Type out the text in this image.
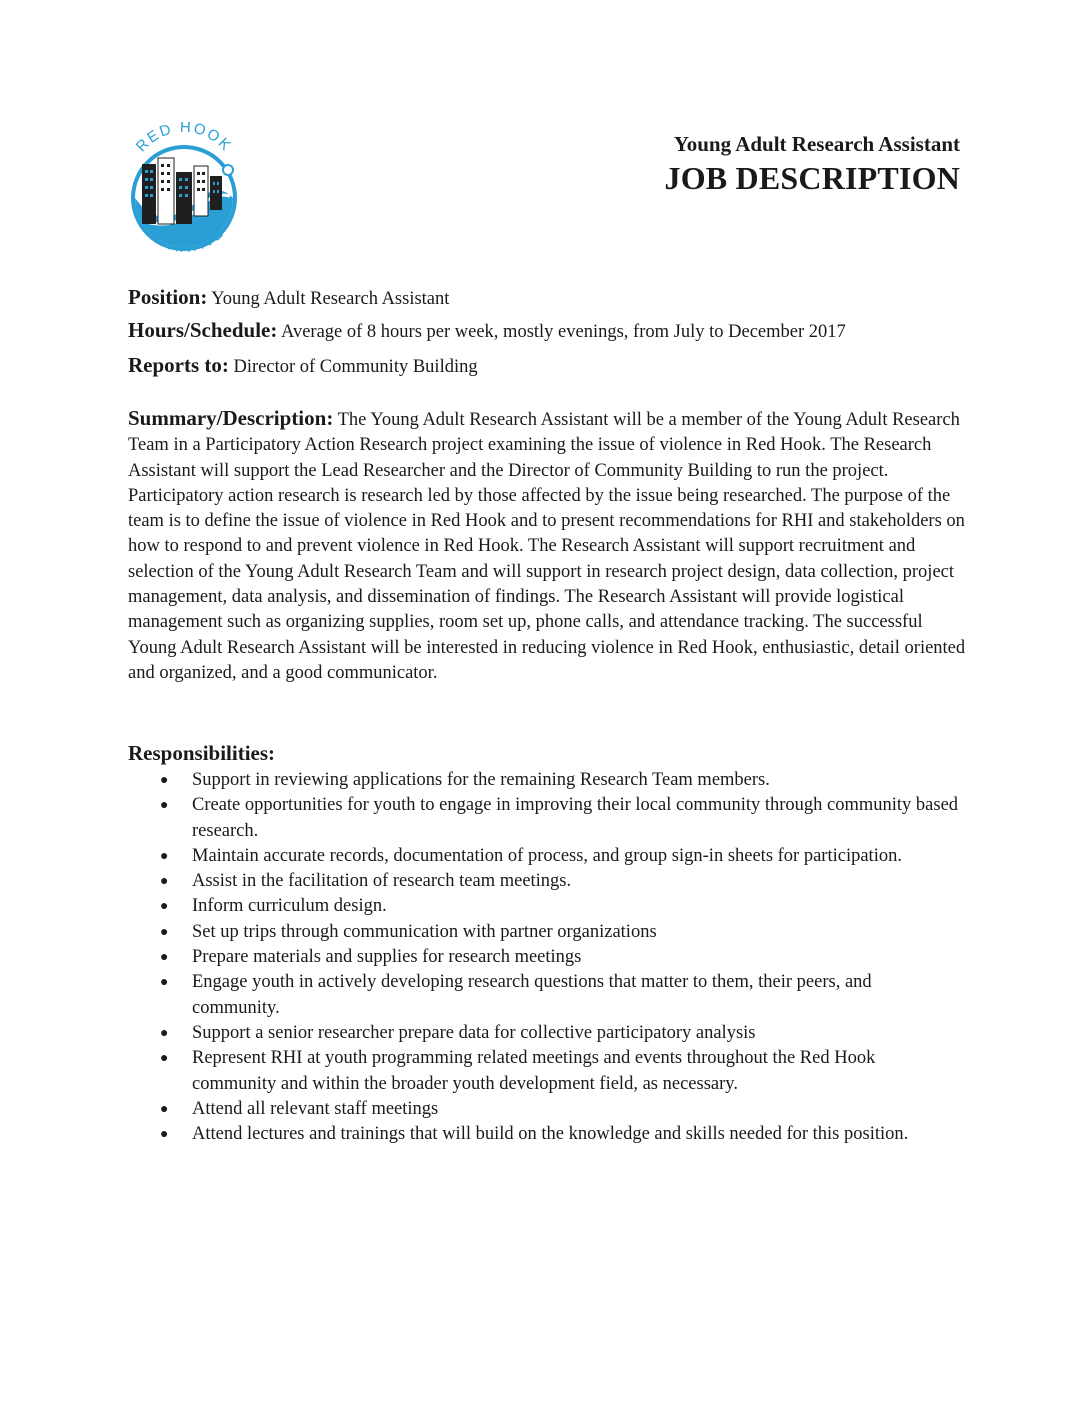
RED HOOK
INITIATIVE
Young Adult Research Assistant
JOB DESCRIPTION
Position: Young Adult Research Assistant
Hours/Schedule: Average of 8 hours per week, mostly evenings, from July to December 2017
Reports to: Director of Community Building
Summary/Description: The Young Adult Research Assistant will be a member of the Young Adult Research Team in a Participatory Action Research project examining the issue of violence in Red Hook. The Research Assistant will support the Lead Researcher and the Director of Community Building to run the project. Participatory action research is research led by those affected by the issue being researched. The purpose of the team is to define the issue of violence in Red Hook and to present recommendations for RHI and stakeholders on how to respond to and prevent violence in Red Hook. The Research Assistant will support recruitment and selection of the Young Adult Research Team and will support in research project design, data collection, project management, data analysis, and dissemination of findings. The Research Assistant will provide logistical management such as organizing supplies, room set up, phone calls, and attendance tracking. The successful Young Adult Research Assistant will be interested in reducing violence in Red Hook, enthusiastic, detail oriented and organized, and a good communicator.
Responsibilities:
● Support in reviewing applications for the remaining Research Team members.
● Create opportunities for youth to engage in improving their local community through community based research.
● Maintain accurate records, documentation of process, and group sign-in sheets for participation.
● Assist in the facilitation of research team meetings.
● Inform curriculum design.
● Set up trips through communication with partner organizations
● Prepare materials and supplies for research meetings
● Engage youth in actively developing research questions that matter to them, their peers, and community.
● Support a senior researcher prepare data for collective participatory analysis
● Represent RHI at youth programming related meetings and events throughout the Red Hook community and within the broader youth development field, as necessary.
● Attend all relevant staff meetings
● Attend lectures and trainings that will build on the knowledge and skills needed for this position.
